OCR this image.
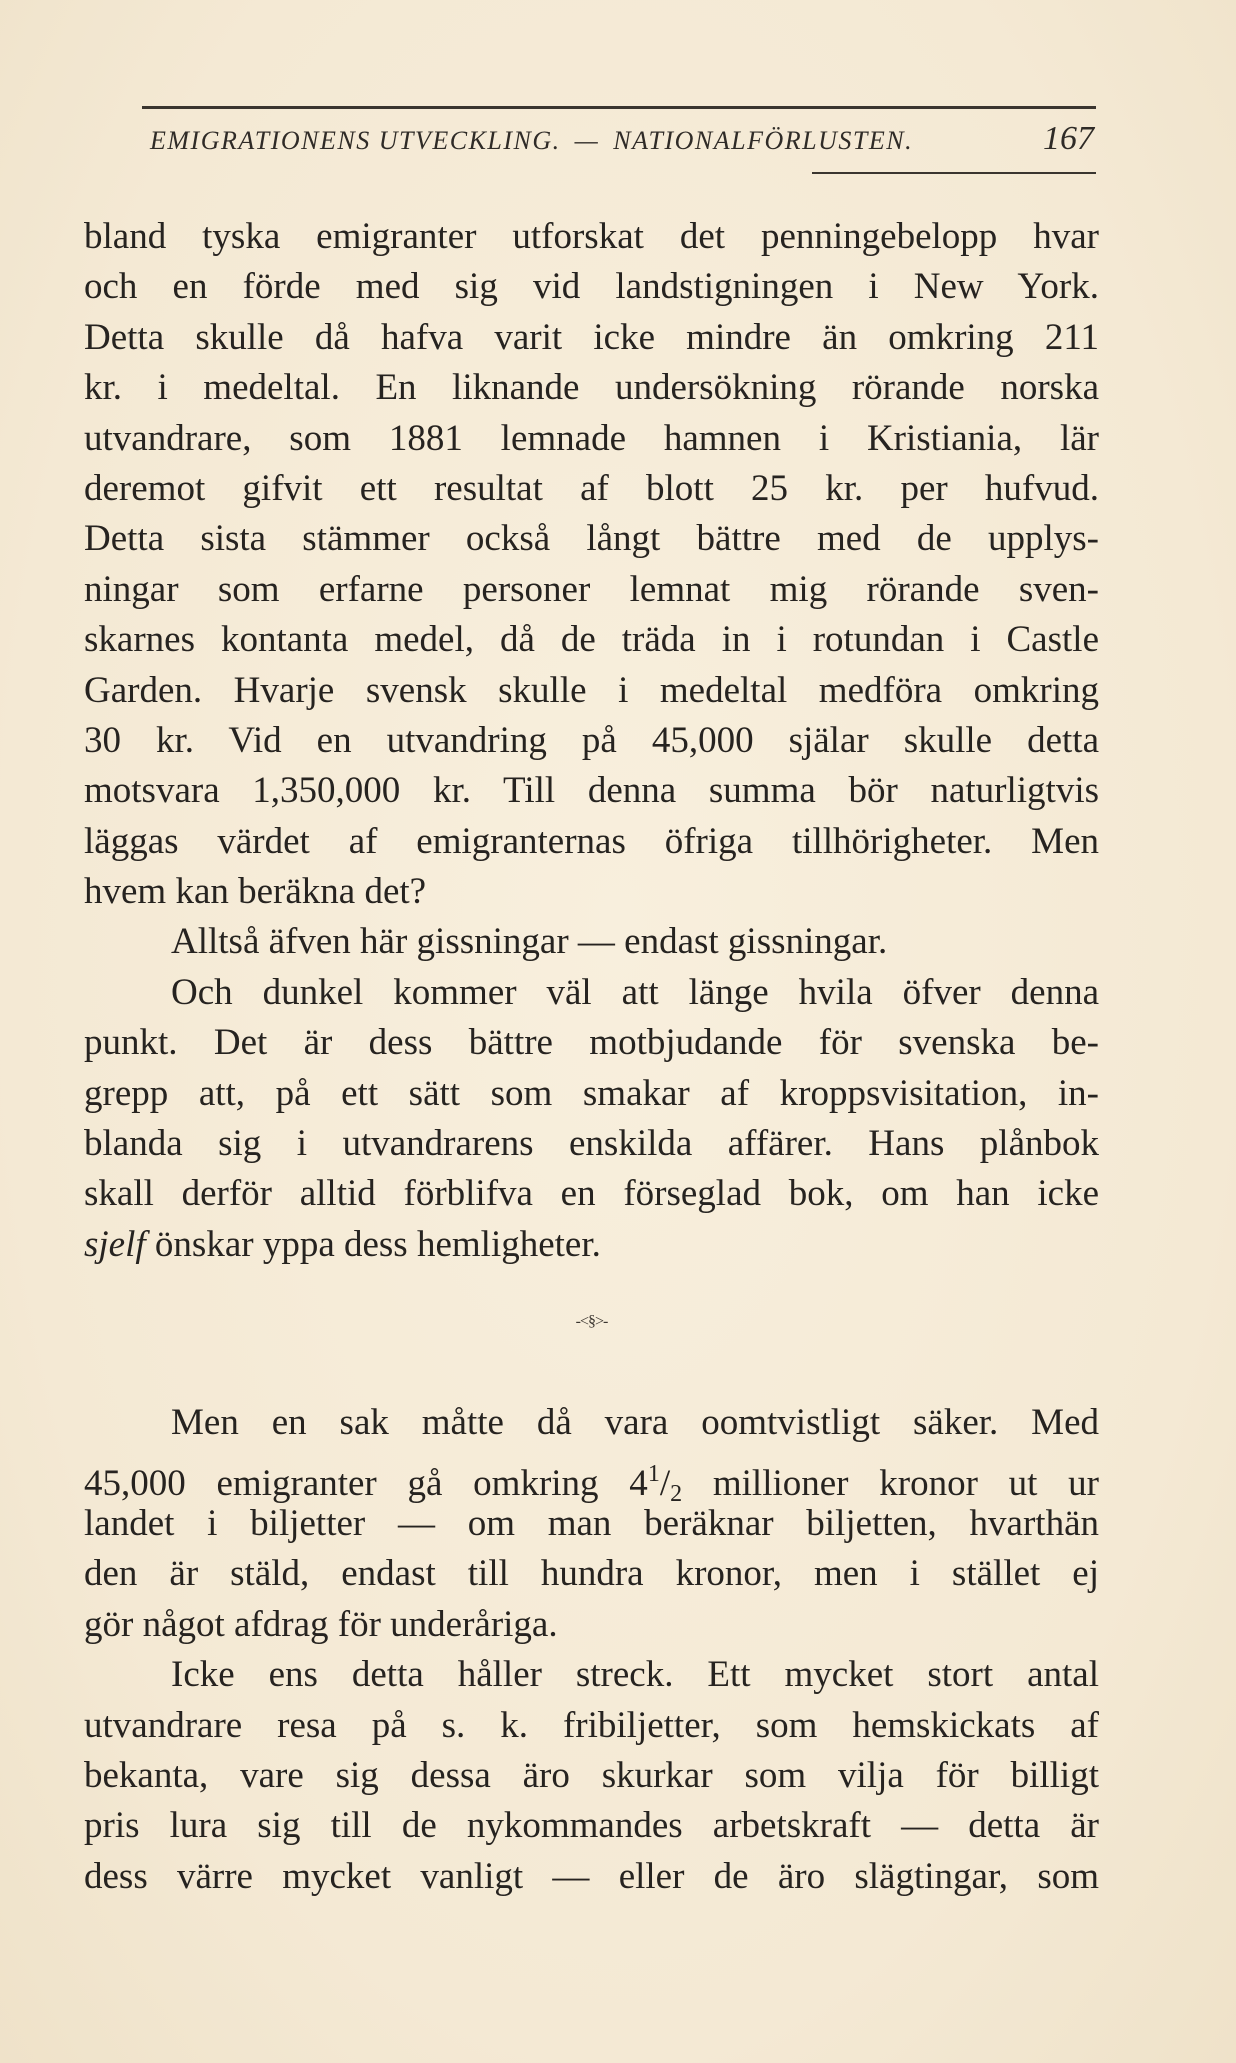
EMIGRATIONENS UTVECKLING. — NATIONALFÖRLUSTEN.	167
bland tyska emigranter utforskat det penningebelopp hvar
och en förde med sig vid landstigningen i New York.
Detta skulle då hafva varit icke mindre än omkring 211
kr. i medeltal. En liknande undersökning rörande norska
utvandrare, som 1881 lemnade hamnen i Kristiania, lär
deremot gifvit ett resultat af blott 25 kr. per hufvud.
Detta sista stämmer också långt bättre med de upplys-
ningar som erfarne personer lemnat mig rörande sven-
skarnes kontanta medel, då de träda in i rotundan i Castle
Garden. Hvarje svensk skulle i medeltal medföra omkring
30 kr. Vid en utvandring på 45,000 själar skulle detta
motsvara 1,350,000 kr. Till denna summa bör naturligtvis
läggas värdet af emigranternas öfriga tillhörigheter. Men
hvem kan beräkna det?
Alltså äfven här gissningar — endast gissningar.
Och dunkel kommer väl att länge hvila öfver denna
punkt. Det är dess bättre motbjudande för svenska be-
grepp att, på ett sätt som smakar af kroppsvisitation, in-
blanda sig i utvandrarens enskilda affärer. Hans plånbok
skall derför alltid förblifva en förseglad bok, om han icke
sjelf önskar yppa dess hemligheter.
-<§>-
Men en sak måtte då vara oomtvistligt säker. Med
45,000 emigranter gå omkring $4^1/_2$ millioner kronor ut ur
landet i biljetter — om man beräknar biljetten, hvarthän
den är stäld, endast till hundra kronor, men i stället ej
gör något afdrag för underåriga.
Icke ens detta håller streck. Ett mycket stort antal
utvandrare resa på s. k. fribiljetter, som hemskickats af
bekanta, vare sig dessa äro skurkar som vilja för billigt
pris lura sig till de nykommandes arbetskraft — detta är
dess värre mycket vanligt — eller de äro slägtingar, som
